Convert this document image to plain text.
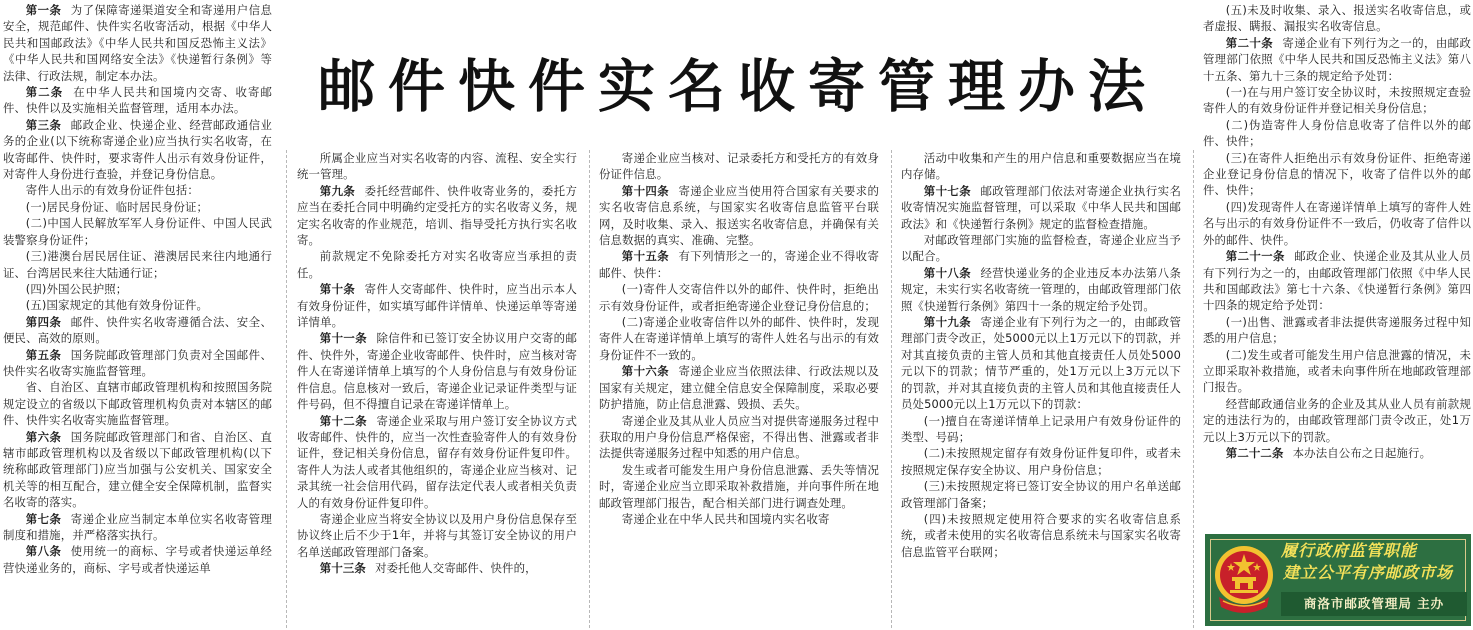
第一条 为了保障寄递渠道安全和寄递用户信息安全，规范邮件、快件实名收寄活动，根据《中华人民共和国邮政法》《中华人民共和国反恐怖主义法》《中华人民共和国网络安全法》《快递暂行条例》等法律、行政法规，制定本办法。

第二条 在中华人民共和国境内交寄、收寄邮件、快件以及实施相关监督管理，适用本办法。

第三条 邮政企业、快递企业、经营邮政通信业务的企业(以下统称寄递企业)应当执行实名收寄，在收寄邮件、快件时，要求寄件人出示有效身份证件，对寄件人身份进行查验，并登记身份信息。

寄件人出示的有效身份证件包括：

(一)居民身份证、临时居民身份证；

(二)中国人民解放军军人身份证件、中国人民武装警察身份证件；

(三)港澳台居民居住证、港澳居民来往内地通行证、台湾居民来往大陆通行证；

(四)外国公民护照；

(五)国家规定的其他有效身份证件。

第四条 邮件、快件实名收寄遵循合法、安全、便民、高效的原则。

第五条 国务院邮政管理部门负责对全国邮件、快件实名收寄实施监督管理。

省、自治区、直辖市邮政管理机构和按照国务院规定设立的省级以下邮政管理机构负责对本辖区的邮件、快件实名收寄实施监督管理。

第六条 国务院邮政管理部门和省、自治区、直辖市邮政管理机构以及省级以下邮政管理机构(以下统称邮政管理部门)应当加强与公安机关、国家安全机关等的相互配合，建立健全安全保障机制，监督实名收寄的落实。

第七条 寄递企业应当制定本单位实名收寄管理制度和措施，并严格落实执行。

第八条 使用统一的商标、字号或者快递运单经营快递业务的，商标、字号或者快递运单

邮件快件实名收寄管理办法

所属企业应当对实名收寄的内容、流程、安全实行统一管理。

第九条 委托经营邮件、快件收寄业务的，委托方应当在委托合同中明确约定受托方的实名收寄义务，规定实名收寄的作业规范，培训、指导受托方执行实名收寄。

前款规定不免除委托方对实名收寄应当承担的责任。

第十条 寄件人交寄邮件、快件时，应当出示本人有效身份证件，如实填写邮件详情单、快递运单等寄递详情单。

第十一条 除信件和已签订安全协议用户交寄的邮件、快件外，寄递企业收寄邮件、快件时，应当核对寄件人在寄递详情单上填写的个人身份信息与有效身份证件信息。信息核对一致后，寄递企业记录证件类型与证件号码，但不得擅自记录在寄递详情单上。

第十二条 寄递企业采取与用户签订安全协议方式收寄邮件、快件的，应当一次性查验寄件人的有效身份证件，登记相关身份信息，留存有效身份证件复印件。寄件人为法人或者其他组织的，寄递企业应当核对、记录其统一社会信用代码，留存法定代表人或者相关负责人的有效身份证件复印件。

寄递企业应当将安全协议以及用户身份信息保存至协议终止后不少于1年，并将与其签订安全协议的用户名单送邮政管理部门备案。

第十三条 对委托他人交寄邮件、快件的，

寄递企业应当核对、记录委托方和受托方的有效身份证件信息。

第十四条 寄递企业应当使用符合国家有关要求的实名收寄信息系统，与国家实名收寄信息监管平台联网，及时收集、录入、报送实名收寄信息，并确保有关信息数据的真实、准确、完整。

第十五条 有下列情形之一的，寄递企业不得收寄邮件、快件：

(一)寄件人交寄信件以外的邮件、快件时，拒绝出示有效身份证件，或者拒绝寄递企业登记身份信息的；

(二)寄递企业收寄信件以外的邮件、快件时，发现寄件人在寄递详情单上填写的寄件人姓名与出示的有效身份证件不一致的。

第十六条 寄递企业应当依照法律、行政法规以及国家有关规定，建立健全信息安全保障制度，采取必要防护措施，防止信息泄露、毁损、丢失。

寄递企业及其从业人员应当对提供寄递服务过程中获取的用户身份信息严格保密，不得出售、泄露或者非法提供寄递服务过程中知悉的用户信息。

发生或者可能发生用户身份信息泄露、丢失等情况时，寄递企业应当立即采取补救措施，并向事件所在地邮政管理部门报告，配合相关部门进行调查处理。

寄递企业在中华人民共和国境内实名收寄

活动中收集和产生的用户信息和重要数据应当在境内存储。

第十七条 邮政管理部门依法对寄递企业执行实名收寄情况实施监督管理，可以采取《中华人民共和国邮政法》和《快递暂行条例》规定的监督检查措施。

对邮政管理部门实施的监督检查，寄递企业应当予以配合。

第十八条 经营快递业务的企业违反本办法第八条规定，未实行实名收寄统一管理的，由邮政管理部门依照《快递暂行条例》第四十一条的规定给予处罚。

第十九条 寄递企业有下列行为之一的，由邮政管理部门责令改正，处5000元以上1万元以下的罚款，并对其直接负责的主管人员和其他直接责任人员处5000元以下的罚款；情节严重的，处1万元以上3万元以下的罚款，并对其直接负责的主管人员和其他直接责任人员处5000元以上1万元以下的罚款：

(一)擅自在寄递详情单上记录用户有效身份证件的类型、号码；

(二)未按照规定留存有效身份证件复印件，或者未按照规定保存安全协议、用户身份信息；

(三)未按照规定将已签订安全协议的用户名单送邮政管理部门备案；

(四)未按照规定使用符合要求的实名收寄信息系统，或者未使用的实名收寄信息系统未与国家实名收寄信息监管平台联网；

(五)未及时收集、录入、报送实名收寄信息，或者虚报、瞒报、漏报实名收寄信息。

第二十条 寄递企业有下列行为之一的，由邮政管理部门依照《中华人民共和国反恐怖主义法》第八十五条、第九十三条的规定给予处罚：

(一)在与用户签订安全协议时，未按照规定查验寄件人的有效身份证件并登记相关身份信息；

(二)伪造寄件人身份信息收寄了信件以外的邮件、快件；

(三)在寄件人拒绝出示有效身份证件、拒绝寄递企业登记身份信息的情况下，收寄了信件以外的邮件、快件；

(四)发现寄件人在寄递详情单上填写的寄件人姓名与出示的有效身份证件不一致后，仍收寄了信件以外的邮件、快件。

第二十一条 邮政企业、快递企业及其从业人员有下列行为之一的，由邮政管理部门依照《中华人民共和国邮政法》第七十六条、《快递暂行条例》第四十四条的规定给予处罚：

(一)出售、泄露或者非法提供寄递服务过程中知悉的用户信息；

(二)发生或者可能发生用户信息泄露的情况，未立即采取补救措施，或者未向事件所在地邮政管理部门报告。

经营邮政通信业务的企业及其从业人员有前款规定的违法行为的，由邮政管理部门责令改正，处1万元以上3万元以下的罚款。

第二十二条 本办法自公布之日起施行。

履行政府监管职能
建立公平有序邮政市场
商洛市邮政管理局 主办
